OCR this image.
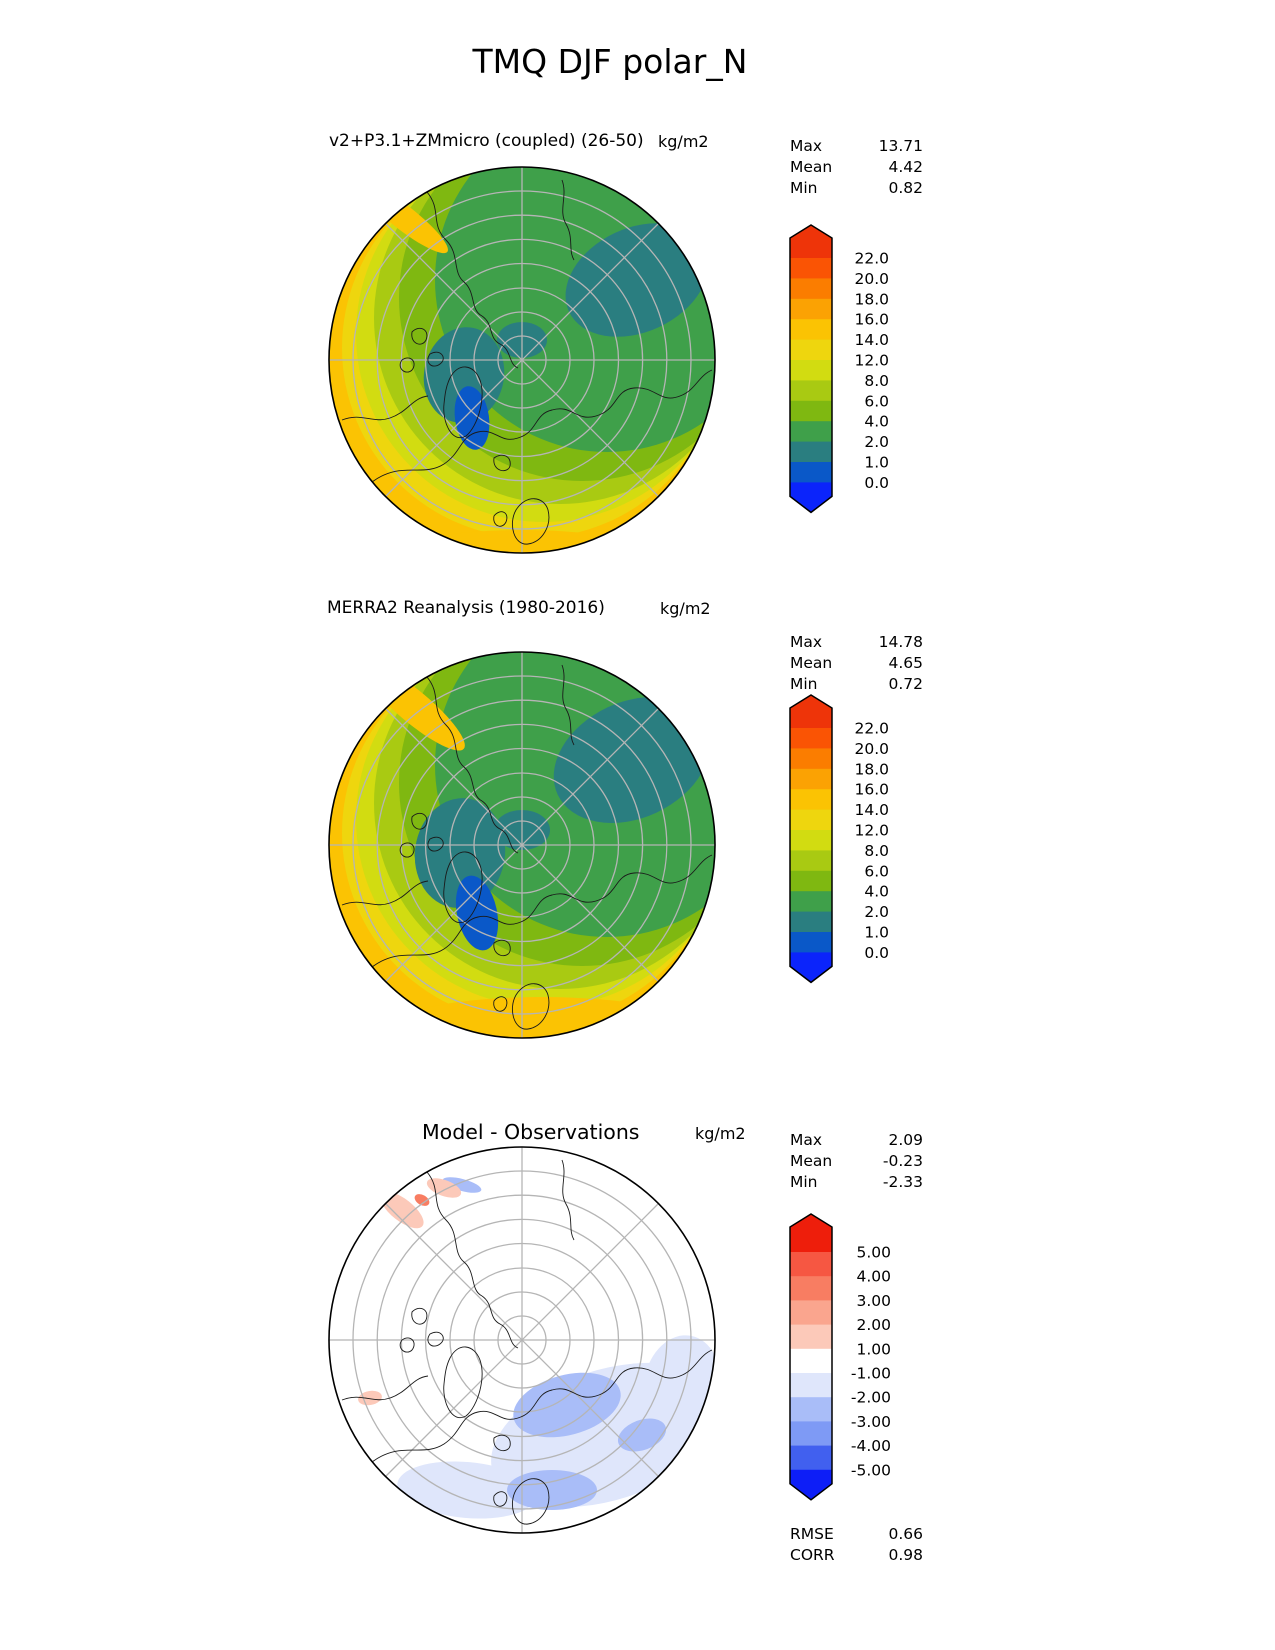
TMQ DJF polar_N
v2+P3.1+ZMmicro (coupled) (26-50) kg/m2	Max	13.71
Mean	4.42
Min	0.82
22.0
20.0
18.0
16.0
14.0
12.0
8.0
6.0
4.0
2.0
1.0
0.0
MERRA2 Reanalysis (1980-2016)	kg/m2
Max	14.78
Mean	4.65
Min	0.72
22.0
20.0
18.0
16.0
14.0
12.0
8.0
6.0
4.0
2.0
1.0
0.0
Model - Observations	kg/m2	Max	2.09
Mean	-0.23
Min	-2.33
5.00
4.00
3.00
2.00
1.00
-1.00
-2.00
-3.00
-4.00
-5.00
RMSE	0.66
CORR	0.98
